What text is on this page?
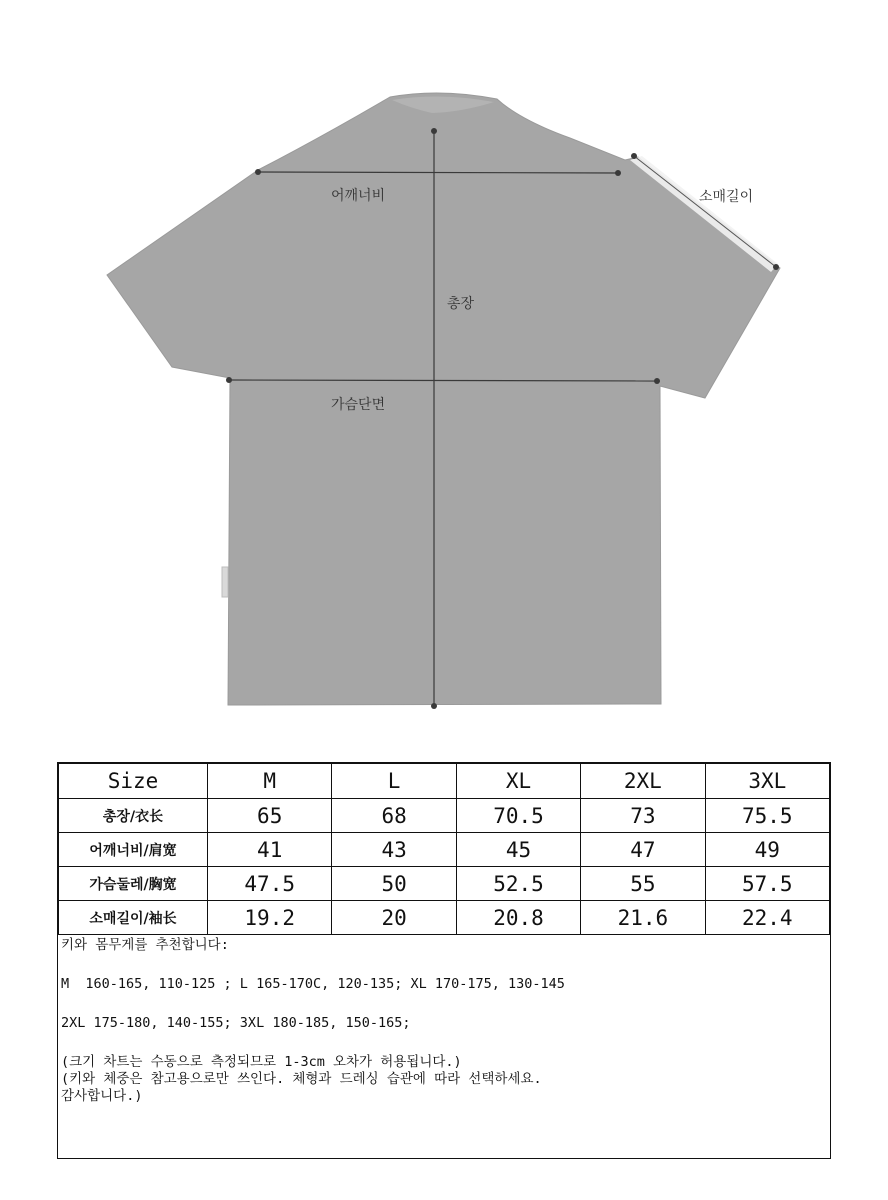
어깨너비
총장
가슴단면
소매길이
Size	M	L	XL	2XL	3XL
총장/衣长	65	68	70.5	73	75.5
어깨너비/肩宽	41	43	45	47	49
가슴둘레/胸宽	47.5	50	52.5	55	57.5
소매길이/袖长	19.2	20	20.8	21.6	22.4

키와 몸무게를 추천합니다:

M  160-165, 110-125 ; L 165-170C, 120-135; XL 170-175, 130-145

2XL 175-180, 140-155; 3XL 180-185, 150-165;

(크기 차트는 수동으로 측정되므로 1-3cm 오차가 허용됩니다.)

(키와 체중은 참고용으로만 쓰인다. 체형과 드레싱 습관에 따라 선택하세요.

감사합니다.)
